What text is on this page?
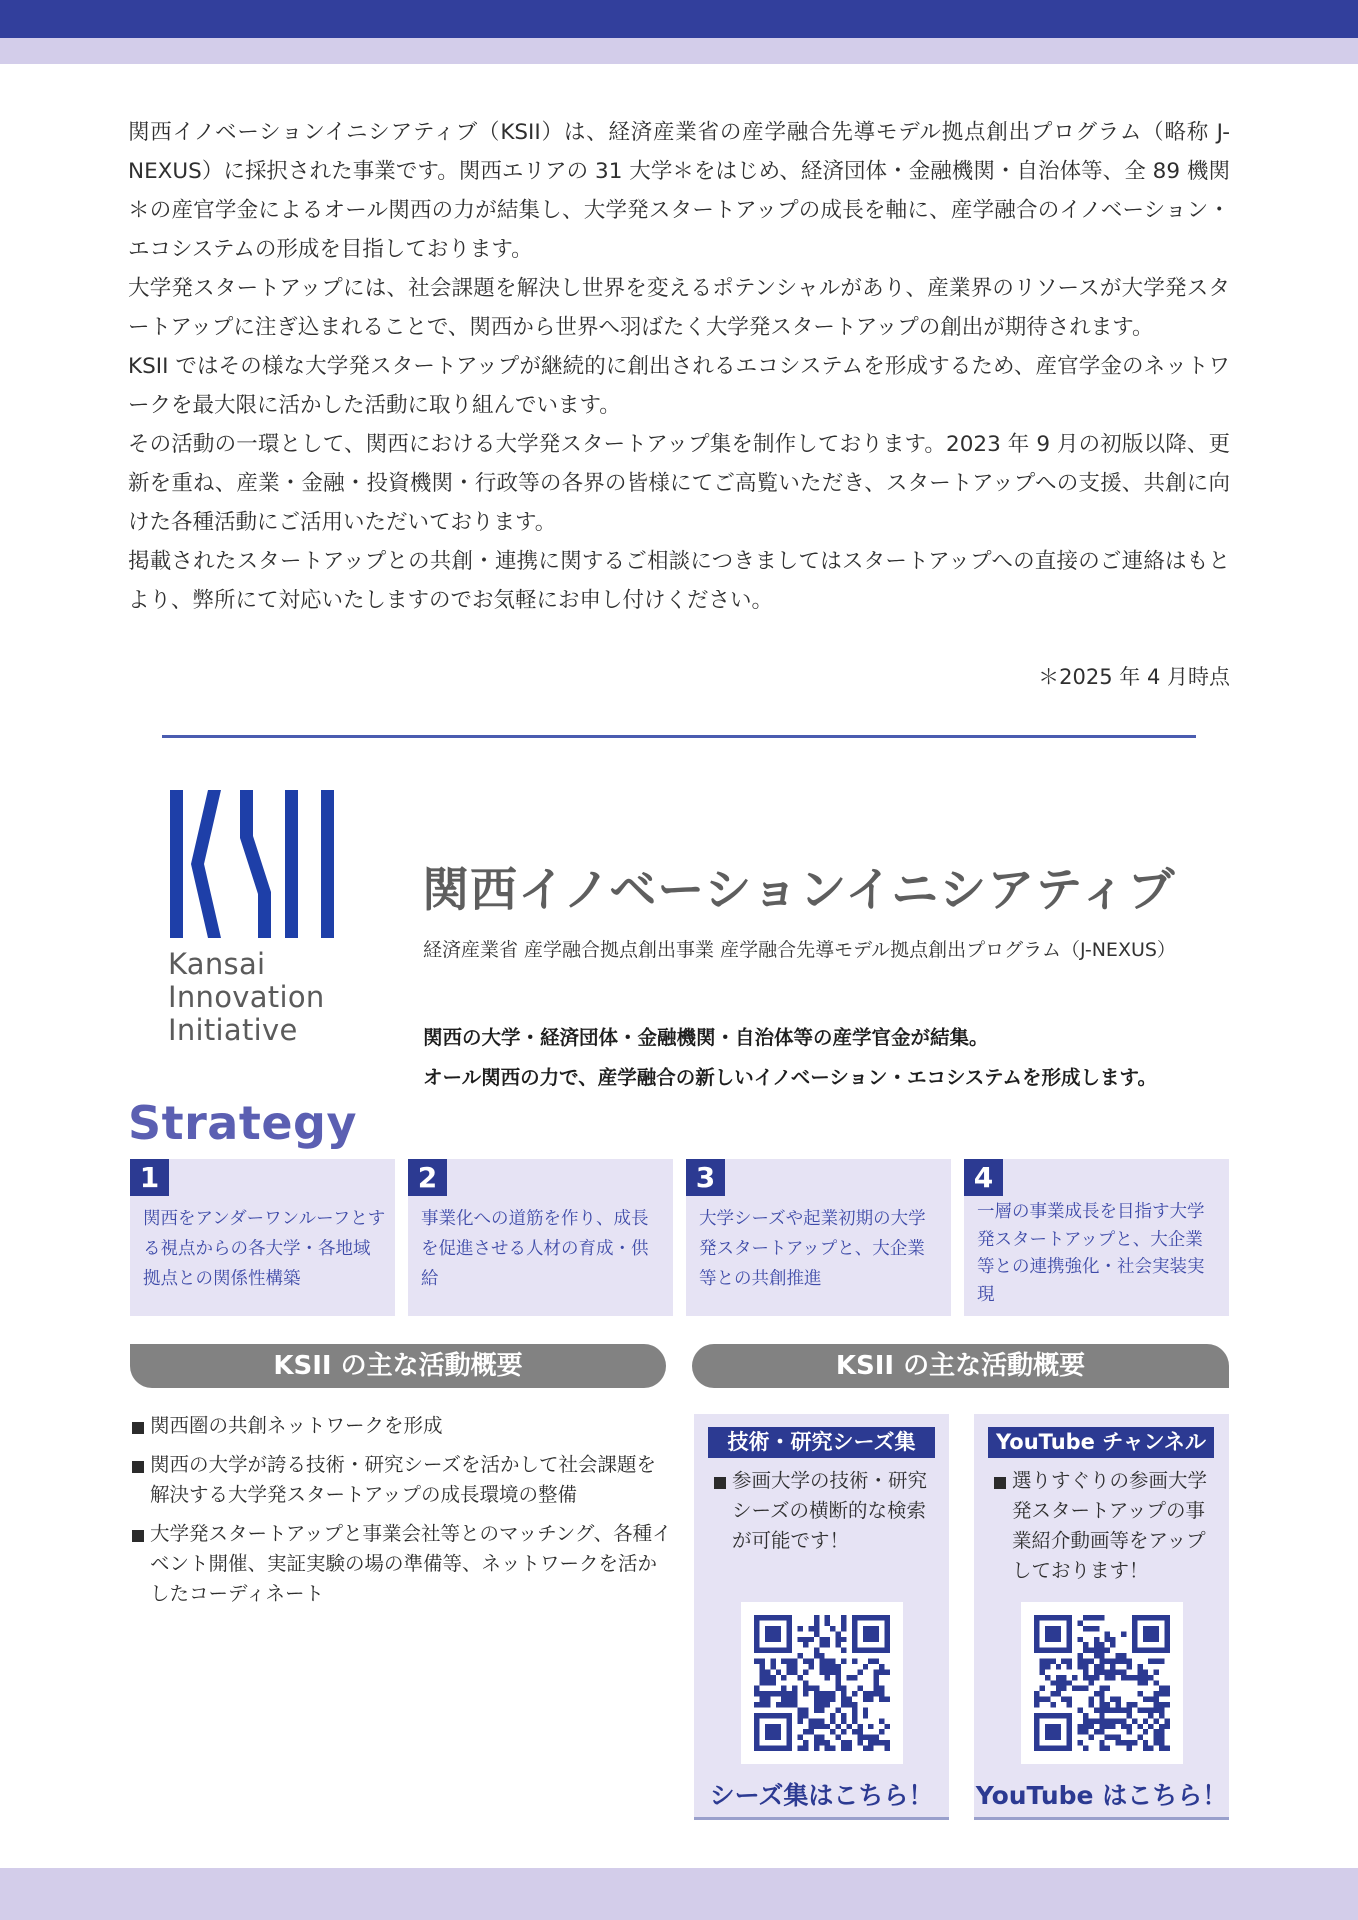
関西イノベーションイニシアティブ（KSII）は、経済産業省の産学融合先導モデル拠点創出プログラム（略称 J-NEXUS）に採択された事業です。関西エリアの 31 大学＊をはじめ、経済団体・金融機関・自治体等、全 89 機関＊の産官学金によるオール関西の力が結集し、大学発スタートアップの成長を軸に、産学融合のイノベーション・エコシステムの形成を目指しております。

大学発スタートアップには、社会課題を解決し世界を変えるポテンシャルがあり、産業界のリソースが大学発スタートアップに注ぎ込まれることで、関西から世界へ羽ばたく大学発スタートアップの創出が期待されます。

KSII ではその様な大学発スタートアップが継続的に創出されるエコシステムを形成するため、産官学金のネットワークを最大限に活かした活動に取り組んでいます。

その活動の一環として、関西における大学発スタートアップ集を制作しております。2023 年 9 月の初版以降、更新を重ね、産業・金融・投資機関・行政等の各界の皆様にてご高覧いただき、スタートアップへの支援、共創に向けた各種活動にご活用いただいております。

掲載されたスタートアップとの共創・連携に関するご相談につきましてはスタートアップへの直接のご連絡はもとより、弊所にて対応いたしますのでお気軽にお申し付けください。

＊2025 年 4 月時点
Kansai
Innovation
Initiative
関西イノベーションイニシアティブ
経済産業省 産学融合拠点創出事業 産学融合先導モデル拠点創出プログラム（J-NEXUS）
関西の大学・経済団体・金融機関・自治体等の産学官金が結集。
オール関西の力で、産学融合の新しいイノベーション・エコシステムを形成します。
Strategy
1
関西をアンダーワンルーフとする視点からの各大学・各地域拠点との関係性構築
2
事業化への道筋を作り、成長を促進させる人材の育成・供給
3
大学シーズや起業初期の大学発スタートアップと、大企業等との共創推進
4
一層の事業成長を目指す大学発スタートアップと、大企業等との連携強化・社会実装実現
KSII の主な活動概要	KSII の主な活動概要
関西圏の共創ネットワークを形成
関西の大学が誇る技術・研究シーズを活かして社会課題を解決する大学発スタートアップの成長環境の整備
大学発スタートアップと事業会社等とのマッチング、各種イベント開催、実証実験の場の準備等、ネットワークを活かしたコーディネート
技術・研究シーズ集

参画大学の技術・研究シーズの横断的な検索が可能です！

シーズ集はこちら！
YouTube チャンネル

選りすぐりの参画大学発スタートアップの事業紹介動画等をアップしております！

YouTube はこちら！
